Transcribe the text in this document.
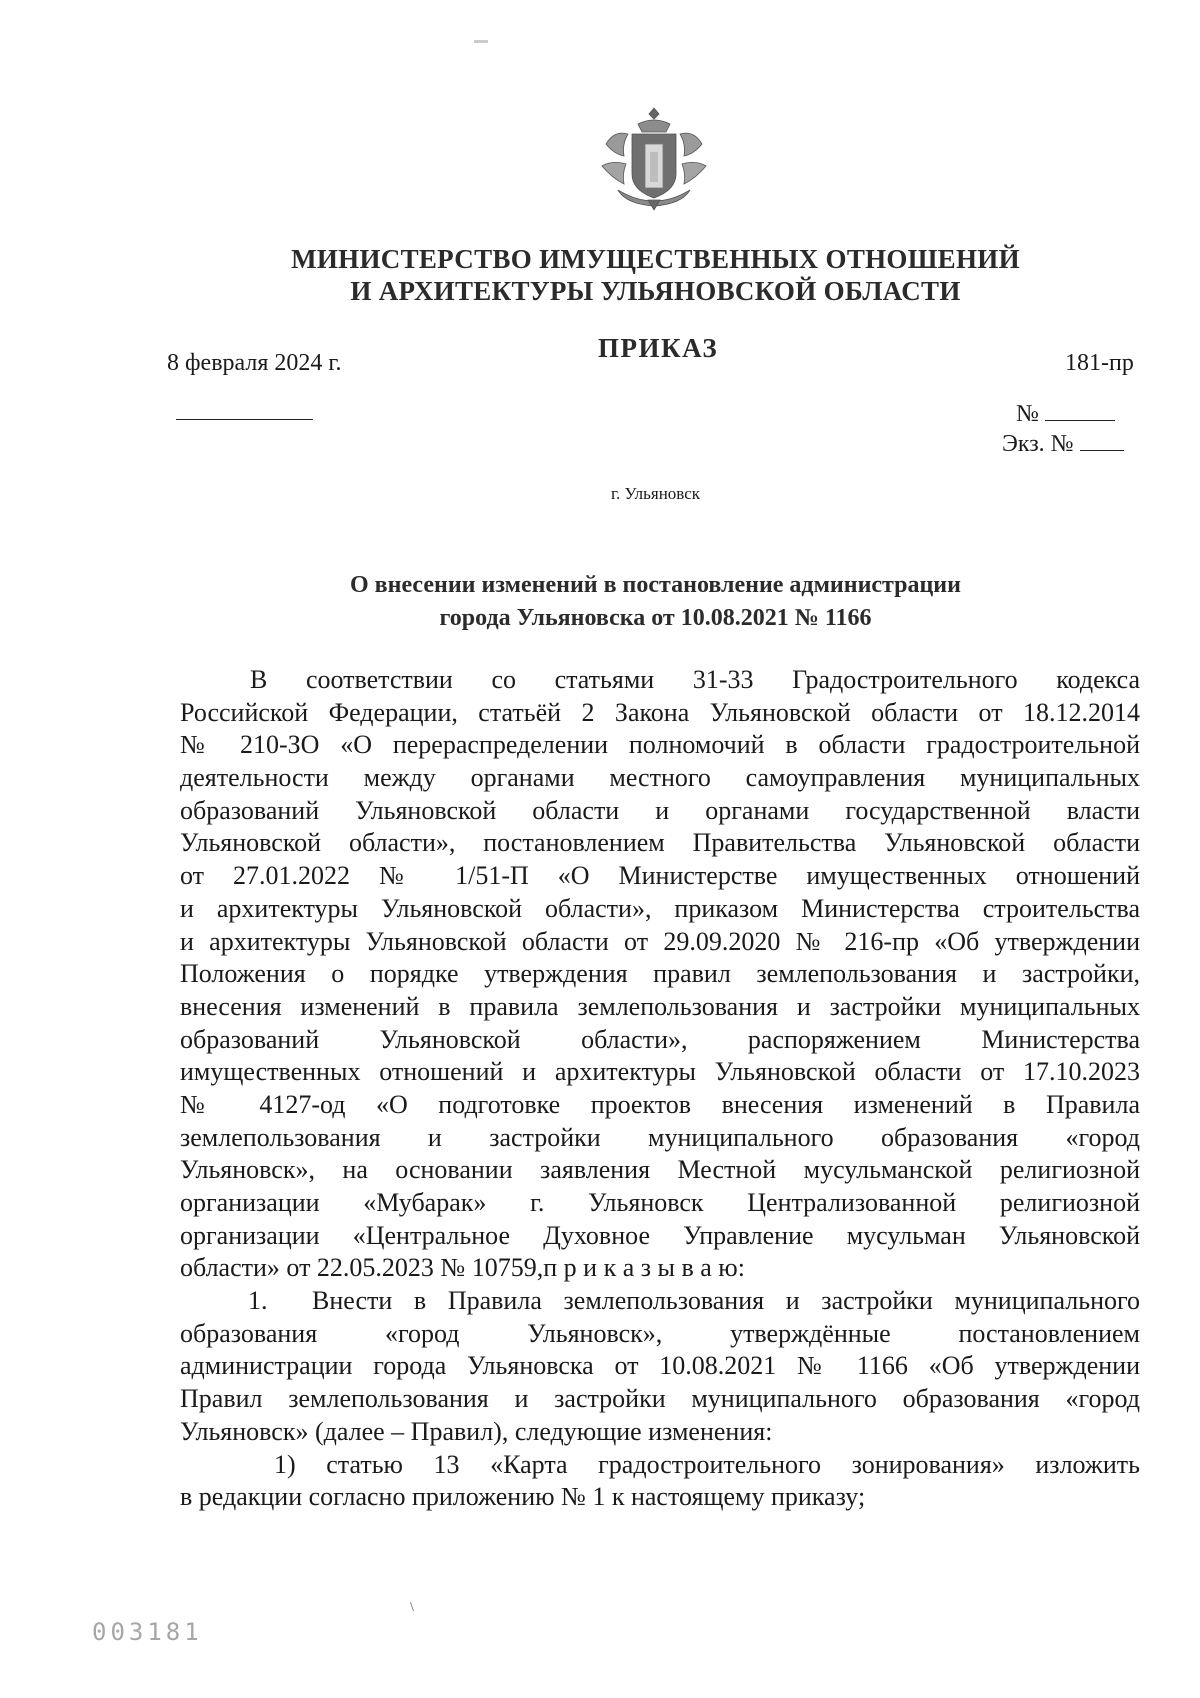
МИНИСТЕРСТВО ИМУЩЕСТВЕННЫХ ОТНОШЕНИЙ
И АРХИТЕКТУРЫ УЛЬЯНОВСКОЙ ОБЛАСТИ
ПРИКАЗ
8 февраля 2024 г.	181-пр
№
Экз. №
г. Ульяновск
О внесении изменений в постановление администрации
города Ульяновска от 10.08.2021 № 1166
В соответствии со статьями 31-33 Градостроительного кодекса
Российской Федерации, статьёй 2 Закона Ульяновской области от 18.12.2014
№ 210-ЗО «О перераспределении полномочий в области градостроительной
деятельности между органами местного самоуправления муниципальных
образований Ульяновской области и органами государственной власти
Ульяновской области», постановлением Правительства Ульяновской области
от 27.01.2022 № 1/51-П «О Министерстве имущественных отношений
и архитектуры Ульяновской области», приказом Министерства строительства
и архитектуры Ульяновской области от 29.09.2020 № 216-пр «Об утверждении
Положения о порядке утверждения правил землепользования и застройки,
внесения изменений в правила землепользования и застройки муниципальных
образований Ульяновской области», распоряжением Министерства
имущественных отношений и архитектуры Ульяновской области от 17.10.2023
№ 4127-од «О подготовке проектов внесения изменений в Правила
землепользования и застройки муниципального образования «город
Ульяновск», на основании заявления Местной мусульманской религиозной
организации «Мубарак» г. Ульяновск Централизованной религиозной
организации «Центральное Духовное Управление мусульман Ульяновской
области» от 22.05.2023 № 10759,п р и к а з ы в а ю:
1. Внести в Правила землепользования и застройки муниципального
образования «город Ульяновск», утверждённые постановлением
администрации города Ульяновска от 10.08.2021 № 1166 «Об утверждении
Правил землепользования и застройки муниципального образования «город
Ульяновск» (далее – Правил), следующие изменения:
1) статью 13 «Карта градостроительного зонирования» изложить
в редакции согласно приложению № 1 к настоящему приказу;
\
003181
